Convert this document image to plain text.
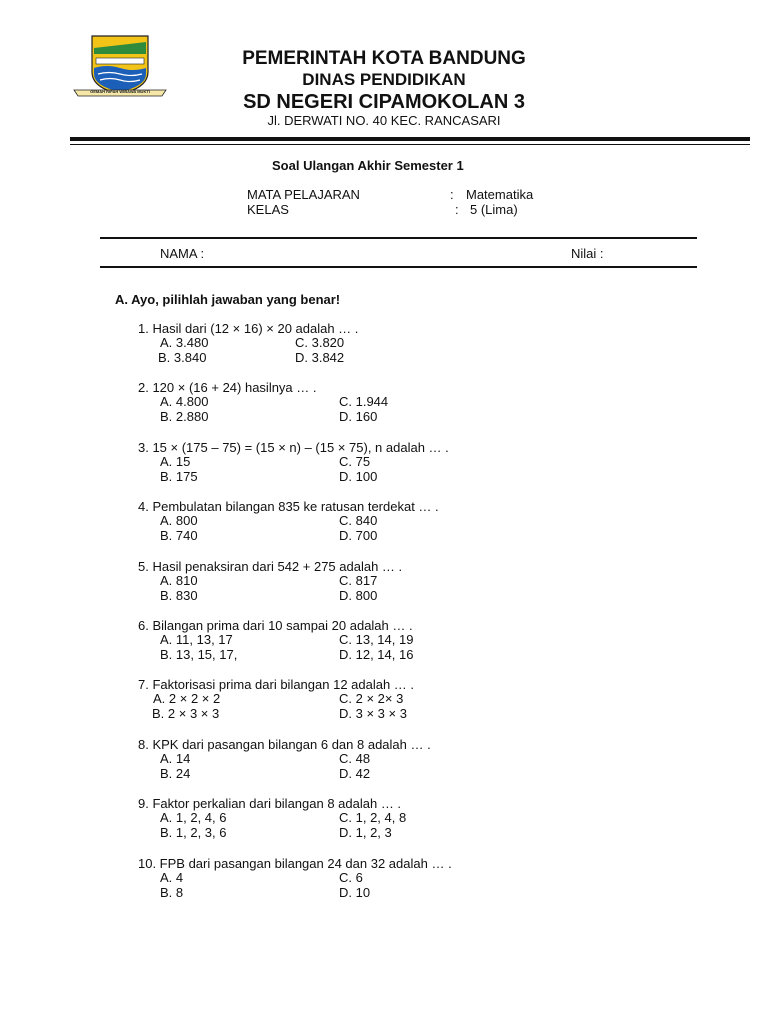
GEMAH RIPAH WIBAWA MUKTI
PEMERINTAH KOTA BANDUNG
DINAS PENDIDIKAN
SD NEGERI CIPAMOKOLAN 3
Jl. DERWATI NO. 40 KEC. RANCASARI
Soal Ulangan Akhir Semester 1
MATA PELAJARAN	: Matematika
KELAS	: 5 (Lima)
NAMA :	Nilai :
A. Ayo, pilihlah jawaban yang benar!
1. Hasil dari (12 × 16) × 20 adalah … .
A. 3.480	C. 3.820
B. 3.840	D. 3.842
2. 120 × (16 + 24) hasilnya … .
A. 4.800	C. 1.944
B. 2.880	D. 160
3. 15 × (175 – 75) = (15 × n) – (15 × 75), n adalah … .
A. 15	C. 75
B. 175	D. 100
4. Pembulatan bilangan 835 ke ratusan terdekat … .
A. 800	C. 840
B. 740	D. 700
5. Hasil penaksiran dari 542 + 275 adalah … .
A. 810	C. 817
B. 830	D. 800
6. Bilangan prima dari 10 sampai 20 adalah … .
A. 11, 13, 17	C. 13, 14, 19
B. 13, 15, 17,	D. 12, 14, 16
7. Faktorisasi prima dari bilangan 12 adalah … .
A. 2 × 2 × 2	C. 2 × 2× 3
B. 2 × 3 × 3	D. 3 × 3 × 3
8. KPK dari pasangan bilangan 6 dan 8 adalah … .
A. 14	C. 48
B. 24	D. 42
9. Faktor perkalian dari bilangan 8 adalah … .
A. 1, 2, 4, 6	C. 1, 2, 4, 8
B. 1, 2, 3, 6	D. 1, 2, 3
10. FPB dari pasangan bilangan 24 dan 32 adalah … .
A. 4	C. 6
B. 8	D. 10
